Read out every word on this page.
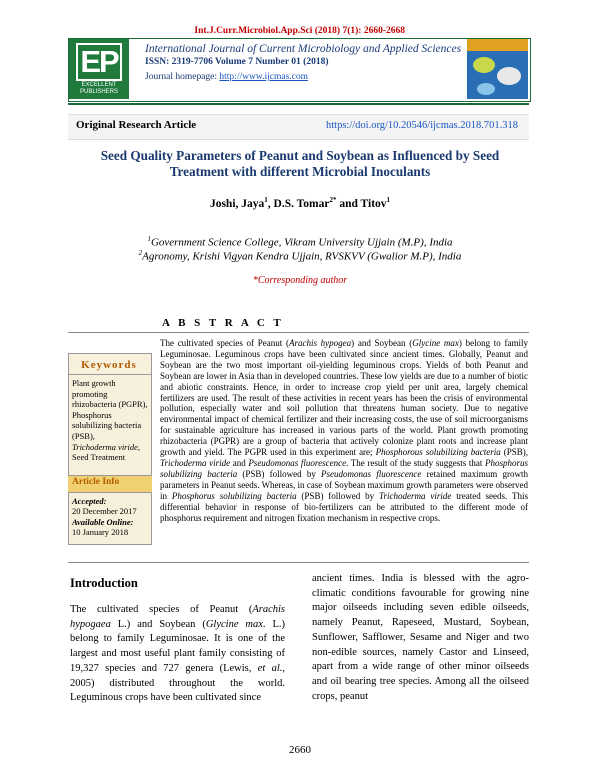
Int.J.Curr.Microbiol.App.Sci (2018) 7(1): 2660-2668
EP
EXCELLENT
PUBLISHERS
International Journal of Current Microbiology and Applied Sciences
ISSN: 2319-7706 Volume 7 Number 01 (2018)
Journal homepage: http://www.ijcmas.com
Original Research Article	https://doi.org/10.20546/ijcmas.2018.701.318
Seed Quality Parameters of Peanut and Soybean as Influenced by Seed
Treatment with different Microbial Inoculants
Joshi, Jaya$^1$, D.S. Tomar$^{2*}$ and Titov$^1$
$^1$Government Science College, Vikram University Ujjain (M.P), India
$^2$Agronomy, Krishi Vigyan Kendra Ujjain, RVSKVV (Gwalior M.P), India
*Corresponding author
A B S T R A C T
Keywords
Plant growth promoting rhizobacteria (PGPR),
Phosphorus solubilizing bacteria (PSB),
Trichoderma viride,
Seed Treatment
Article Info
Accepted:
20 December 2017
Available Online:
10 January 2018
The cultivated species of Peanut (Arachis hypogea) and Soybean (Glycine max) belong to family Leguminosae. Leguminous crops have been cultivated since ancient times. Globally, Peanut and Soybean are the two most important oil-yielding leguminous crops. Yields of both Peanut and Soybean are lower in Asia than in developed countries. These low yields are due to a number of biotic and abiotic constraints. Hence, in order to increase crop yield per unit area, largely chemical fertilizers are used. The result of these activities in recent years has been the crisis of environmental pollution, especially water and soil pollution that threatens human society. Due to negative environmental impact of chemical fertilizer and their increasing costs, the use of soil microorganisms for sustainable agriculture has increased in various parts of the world. Plant growth promoting rhizobacteria (PGPR) are a group of bacteria that actively colonize plant roots and increase plant growth and yield. The PGPR used in this experiment are; Phosphorous solubilizing bacteria (PSB), Trichoderma viride and Pseudomonas fluorescence. The result of the study suggests that Phosphorus solubilizing bacteria (PSB) followed by Pseudomonas fluorescence retained maximum growth parameters in Peanut seeds. Whereas, in case of Soybean maximum growth parameters were observed in Phosphorus solubilizing bacteria (PSB) followed by Trichoderma viride treated seeds. This differential behavior in response of bio-fertilizers can be attributed to the different mode of phosphorus requirement and nitrogen fixation mechanism in respective crops.
Introduction
The cultivated species of Peanut (Arachis hypogaea L.) and Soybean (Glycine max. L.) belong to family Leguminosae. It is one of the largest and most useful plant family consisting of 19,327 species and 727 genera (Lewis, et al., 2005) distributed throughout the world. Leguminous crops have been cultivated since
ancient times. India is blessed with the agro-climatic conditions favourable for growing nine major oilseeds including seven edible oilseeds, namely Peanut, Rapeseed, Mustard, Soybean, Sunflower, Safflower, Sesame and Niger and two non-edible sources, namely Castor and Linseed, apart from a wide range of other minor oilseeds and oil bearing tree species. Among all the oilseed crops, peanut
2660
